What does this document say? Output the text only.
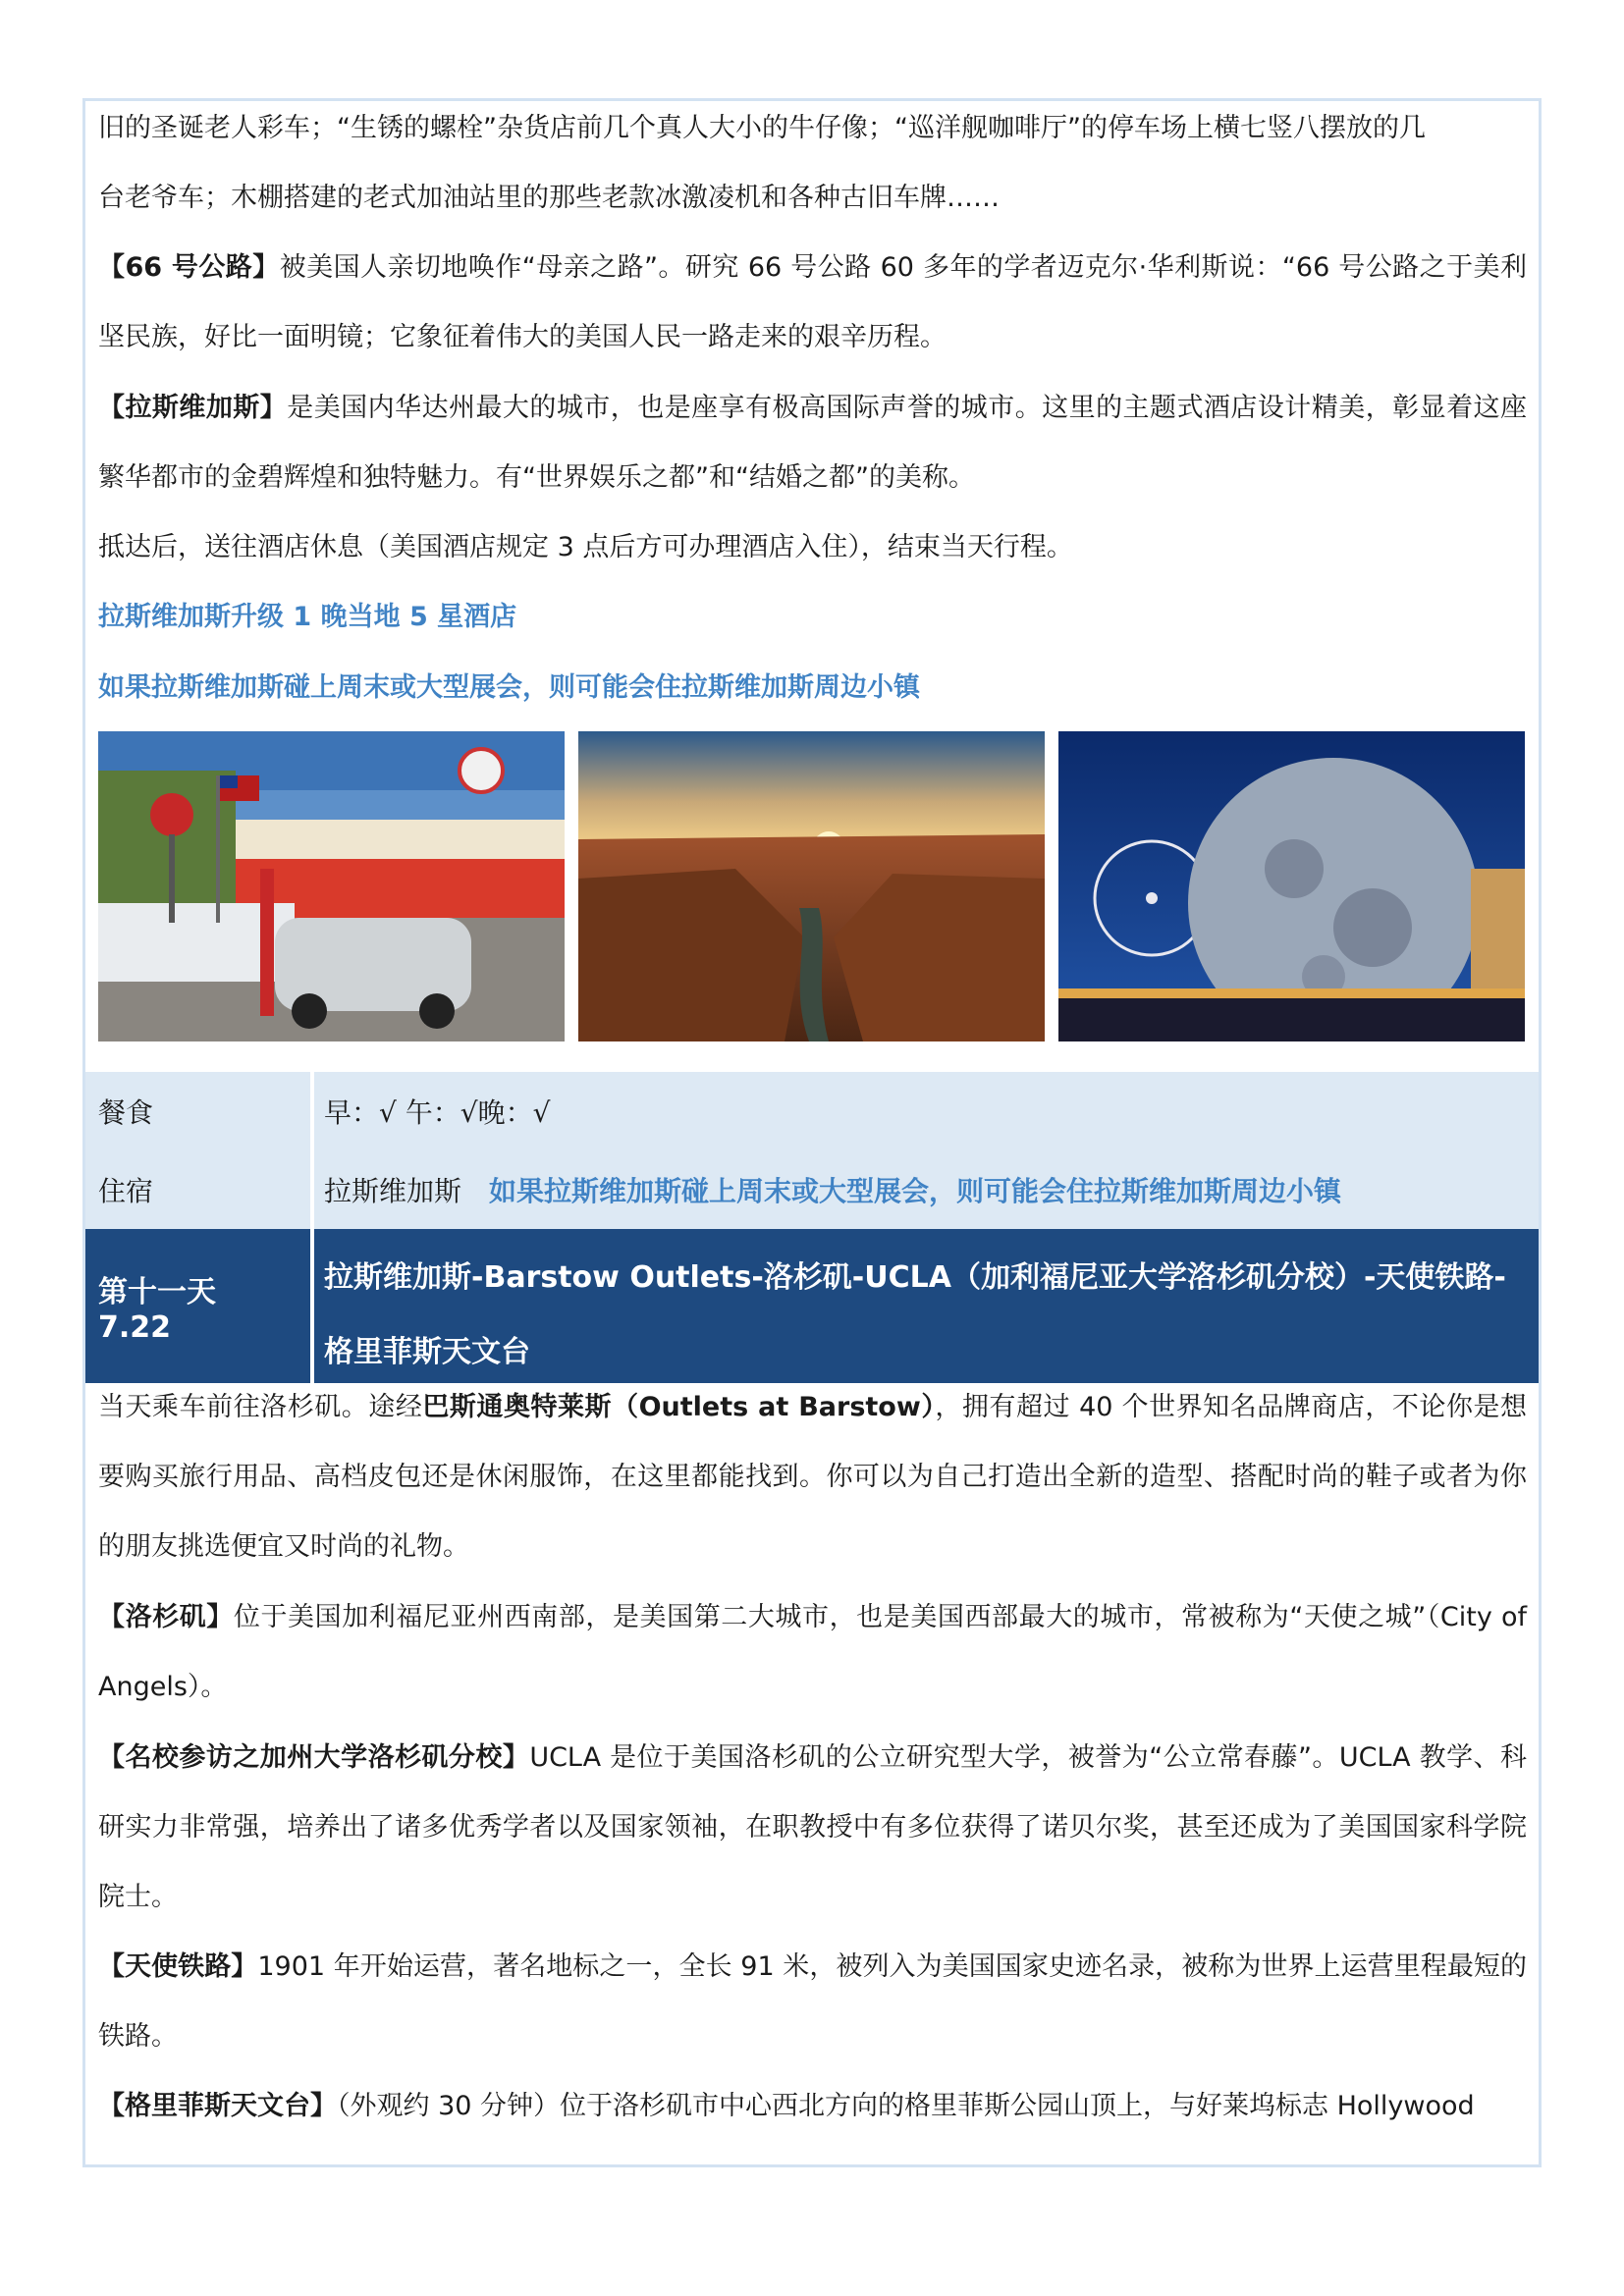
旧的圣诞老人彩车；“生锈的螺栓”杂货店前几个真人大小的牛仔像；“巡洋舰咖啡厅”的停车场上横七竖八摆放的几
台老爷车；木棚搭建的老式加油站里的那些老款冰激凌机和各种古旧车牌……

【66 号公路】被美国人亲切地唤作“母亲之路”。研究 66 号公路 60 多年的学者迈克尔·华利斯说：“66 号公路之于美利坚民族，好比一面明镜；它象征着伟大的美国人民一路走来的艰辛历程。

【拉斯维加斯】是美国内华达州最大的城市，也是座享有极高国际声誉的城市。这里的主题式酒店设计精美，彰显着这座繁华都市的金碧辉煌和独特魅力。有“世界娱乐之都”和“结婚之都”的美称。

抵达后，送往酒店休息（美国酒店规定 3 点后方可办理酒店入住），结束当天行程。

拉斯维加斯升级 1 晚当地 5 星酒店

如果拉斯维加斯碰上周末或大型展会，则可能会住拉斯维加斯周边小镇

餐食	早：√ 午：√晚：√
住宿	拉斯维加斯 如果拉斯维加斯碰上周末或大型展会，则可能会住拉斯维加斯周边小镇
第十一天 7.22
拉斯维加斯-Barstow Outlets-洛杉矶-UCLA（加利福尼亚大学洛杉矶分校）-天使铁路-格里菲斯天文台

当天乘车前往洛杉矶。途经巴斯通奥特莱斯（Outlets at Barstow），拥有超过 40 个世界知名品牌商店，不论你是想要购买旅行用品、高档皮包还是休闲服饰，在这里都能找到。你可以为自己打造出全新的造型、搭配时尚的鞋子或者为你的朋友挑选便宜又时尚的礼物。

【洛杉矶】位于美国加利福尼亚州西南部，是美国第二大城市，也是美国西部最大的城市，常被称为“天使之城”（City of Angels）。

【名校参访之加州大学洛杉矶分校】UCLA 是位于美国洛杉矶的公立研究型大学，被誉为“公立常春藤”。UCLA 教学、科研实力非常强，培养出了诸多优秀学者以及国家领袖，在职教授中有多位获得了诺贝尔奖，甚至还成为了美国国家科学院院士。

【天使铁路】1901 年开始运营，著名地标之一，全长 91 米，被列入为美国国家史迹名录，被称为世界上运营里程最短的铁路。

【格里菲斯天文台】（外观约 30 分钟）位于洛杉矶市中心西北方向的格里菲斯公园山顶上，与好莱坞标志 Hollywood
